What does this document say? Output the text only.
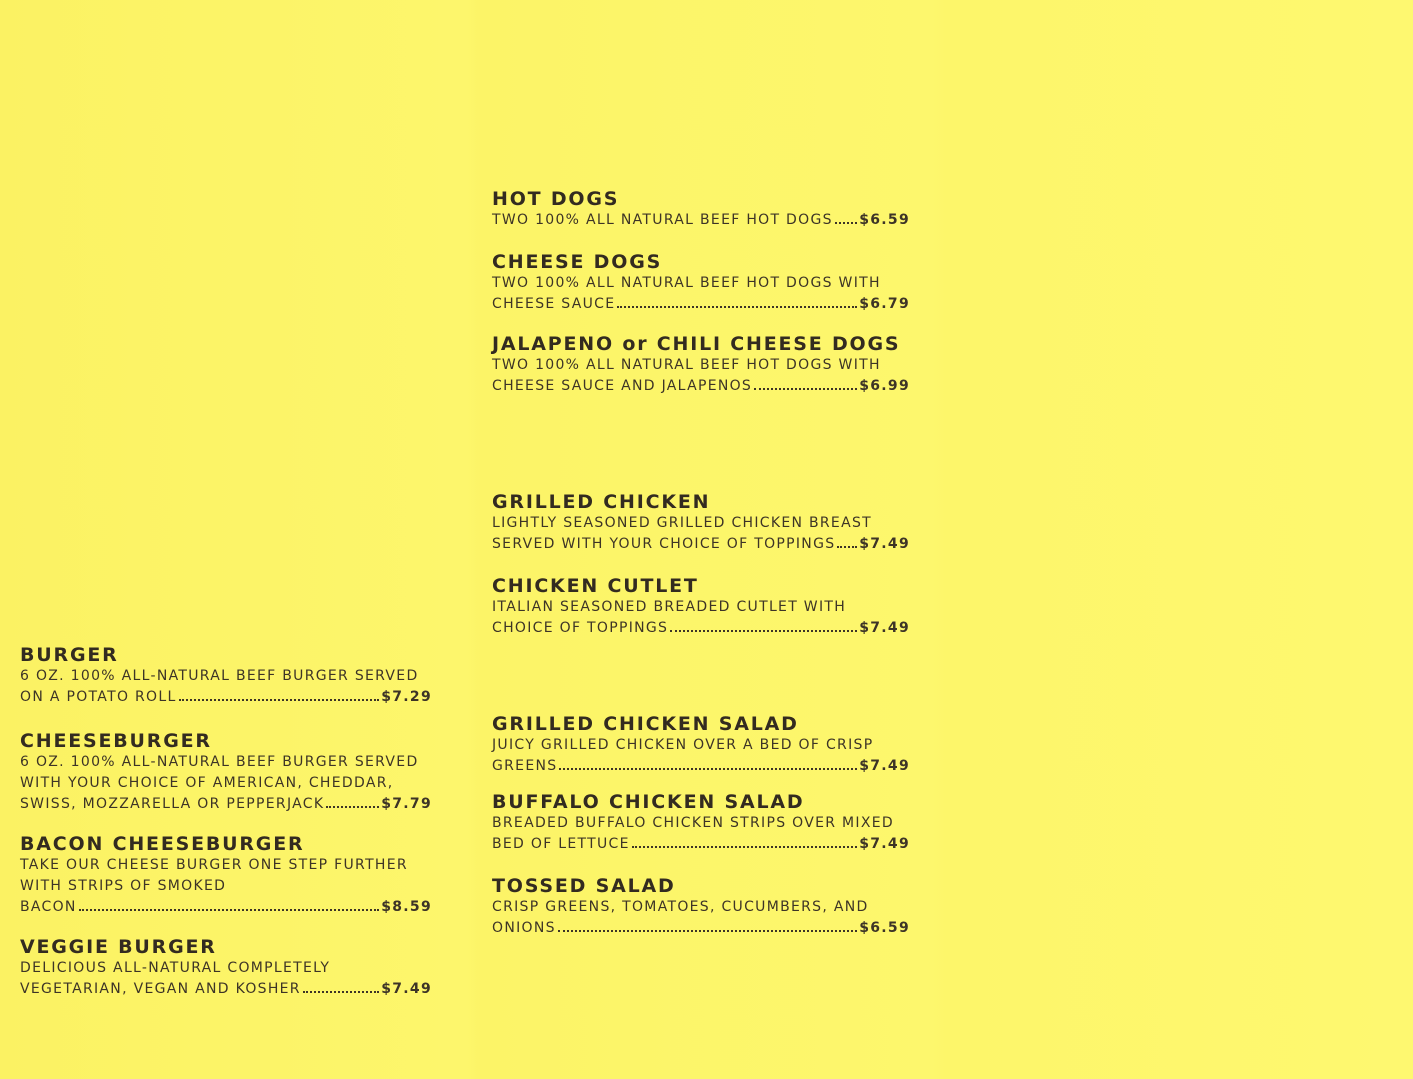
BURGER
6 OZ. 100% ALL-NATURAL BEEF BURGER SERVED
ON A POTATO ROLL	$7.29
CHEESEBURGER
6 OZ. 100% ALL-NATURAL BEEF BURGER SERVED
WITH YOUR CHOICE OF AMERICAN, CHEDDAR,
SWISS, MOZZARELLA OR PEPPERJACK	$7.79
BACON CHEESEBURGER
TAKE OUR CHEESE BURGER ONE STEP FURTHER
WITH STRIPS OF SMOKED
BACON	$8.59
VEGGIE BURGER
DELICIOUS ALL-NATURAL COMPLETELY
VEGETARIAN, VEGAN AND KOSHER	$7.49
HOT DOGS
TWO 100% ALL NATURAL BEEF HOT DOGS $6.59
CHEESE DOGS
TWO 100% ALL NATURAL BEEF HOT DOGS WITH
CHEESE SAUCE	$6.79
JALAPENO or CHILI CHEESE DOGS
TWO 100% ALL NATURAL BEEF HOT DOGS WITH
CHEESE SAUCE AND JALAPENOS	$6.99
GRILLED CHICKEN
LIGHTLY SEASONED GRILLED CHICKEN BREAST
SERVED WITH YOUR CHOICE OF TOPPINGS $7.49
CHICKEN CUTLET
ITALIAN SEASONED BREADED CUTLET WITH
CHOICE OF TOPPINGS	$7.49
GRILLED CHICKEN SALAD
JUICY GRILLED CHICKEN OVER A BED OF CRISP
GREENS	$7.49
BUFFALO CHICKEN SALAD
BREADED BUFFALO CHICKEN STRIPS OVER MIXED
BED OF LETTUCE	$7.49
TOSSED SALAD
CRISP GREENS, TOMATOES, CUCUMBERS, AND
ONIONS	$6.59
